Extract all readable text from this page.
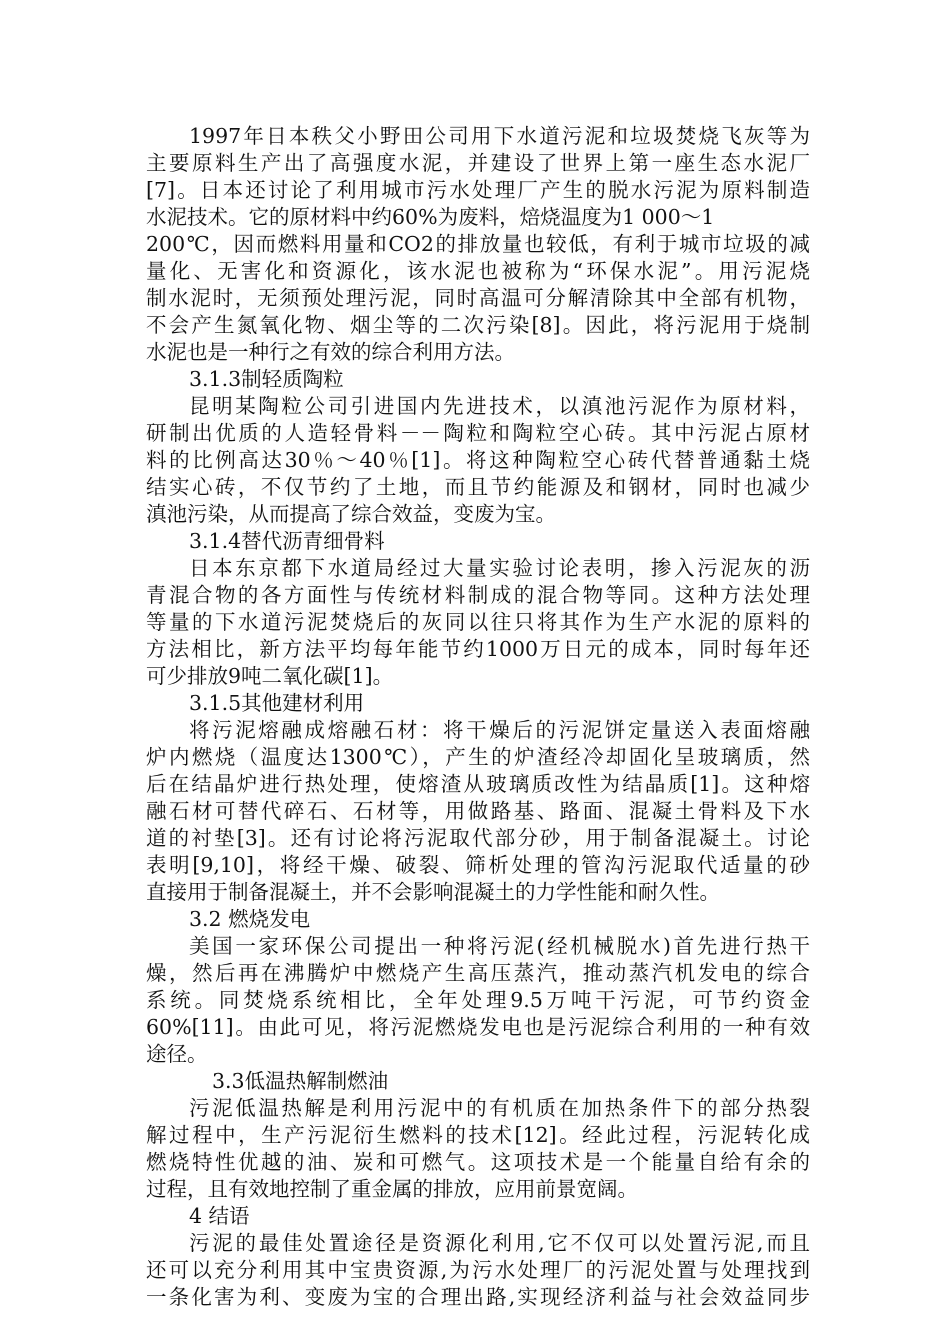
1997年日本秩父小野田公司用下水道污泥和垃圾焚烧飞灰等为
主要原料生产出了高强度水泥，并建设了世界上第一座生态水泥厂
[7]。日本还讨论了利用城市污水处理厂产生的脱水污泥为原料制造
水泥技术。它的原材料中约60%为废料，焙烧温度为1 000～1
200℃，因而燃料用量和CO2的排放量也较低，有利于城市垃圾的减
量化、无害化和资源化，该水泥也被称为“环保水泥”。用污泥烧
制水泥时，无须预处理污泥，同时高温可分解清除其中全部有机物，
不会产生氮氧化物、烟尘等的二次污染[8]。因此，将污泥用于烧制
水泥也是一种行之有效的综合利用方法。
3.1.3制轻质陶粒
昆明某陶粒公司引进国内先进技术，以滇池污泥作为原材料，
研制出优质的人造轻骨料－－陶粒和陶粒空心砖。其中污泥占原材
料的比例高达30％～40％[1]。将这种陶粒空心砖代替普通黏土烧
结实心砖，不仅节约了土地，而且节约能源及和钢材，同时也减少
滇池污染，从而提高了综合效益，变废为宝。
3.1.4替代沥青细骨料
日本东京都下水道局经过大量实验讨论表明，掺入污泥灰的沥
青混合物的各方面性与传统材料制成的混合物等同。这种方法处理
等量的下水道污泥焚烧后的灰同以往只将其作为生产水泥的原料的
方法相比，新方法平均每年能节约1000万日元的成本，同时每年还
可少排放9吨二氧化碳[1]。
3.1.5其他建材利用
将污泥熔融成熔融石材：将干燥后的污泥饼定量送入表面熔融
炉内燃烧（温度达1300℃），产生的炉渣经冷却固化呈玻璃质，然
后在结晶炉进行热处理，使熔渣从玻璃质改性为结晶质[1]。这种熔
融石材可替代碎石、石材等，用做路基、路面、混凝土骨料及下水
道的衬垫[3]。还有讨论将污泥取代部分砂，用于制备混凝土。讨论
表明[9,10]，将经干燥、破裂、筛析处理的管沟污泥取代适量的砂
直接用于制备混凝土，并不会影响混凝土的力学性能和耐久性。
3.2 燃烧发电
美国一家环保公司提出一种将污泥(经机械脱水)首先进行热干
燥，然后再在沸腾炉中燃烧产生高压蒸汽，推动蒸汽机发电的综合
系统。同焚烧系统相比，全年处理9.5万吨干污泥，可节约资金
60%[11]。由此可见，将污泥燃烧发电也是污泥综合利用的一种有效
途径。
3.3低温热解制燃油
污泥低温热解是利用污泥中的有机质在加热条件下的部分热裂
解过程中，生产污泥衍生燃料的技术[12]。经此过程，污泥转化成
燃烧特性优越的油、炭和可燃气。这项技术是一个能量自给有余的
过程，且有效地控制了重金属的排放，应用前景宽阔。
4 结语
污泥的最佳处置途径是资源化利用,它不仅可以处置污泥,而且
还可以充分利用其中宝贵资源,为污水处理厂的污泥处置与处理找到
一条化害为利、变废为宝的合理出路,实现经济利益与社会效益同步
